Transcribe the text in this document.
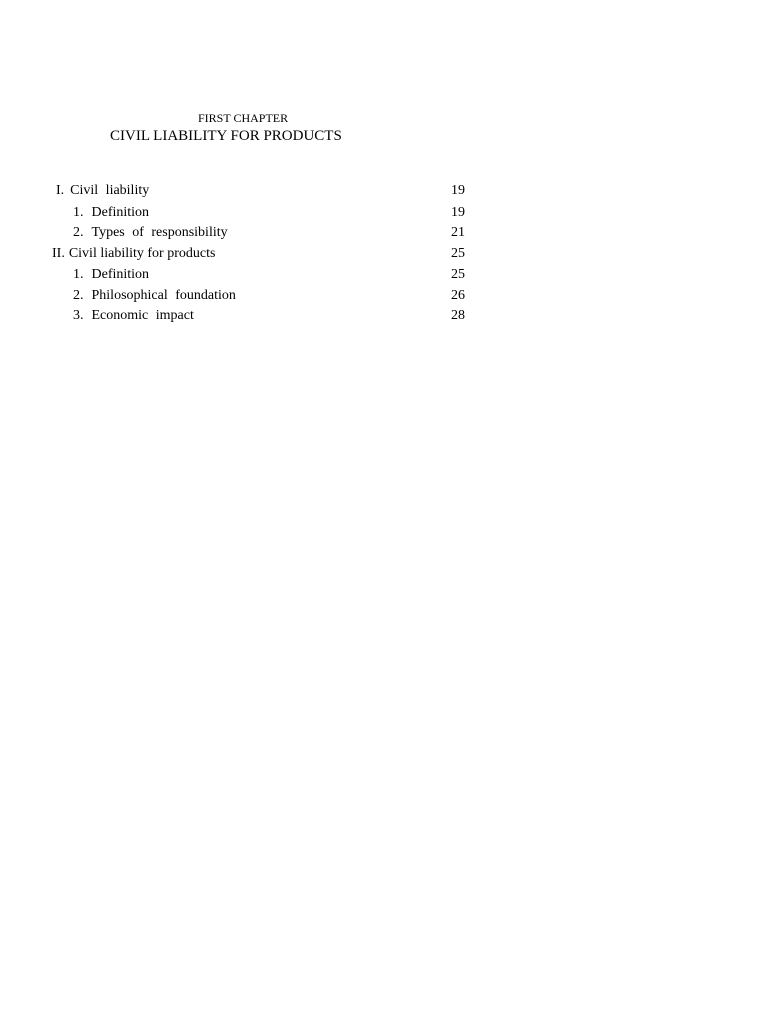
FIRST CHAPTER
CIVIL LIABILITY FOR PRODUCTS
I. Civil liability	19
1. Definition	19
2. Types of responsibility	21
II. Civil liability for products	25
1. Definition	25
2. Philosophical foundation	26
3. Economic impact	28
